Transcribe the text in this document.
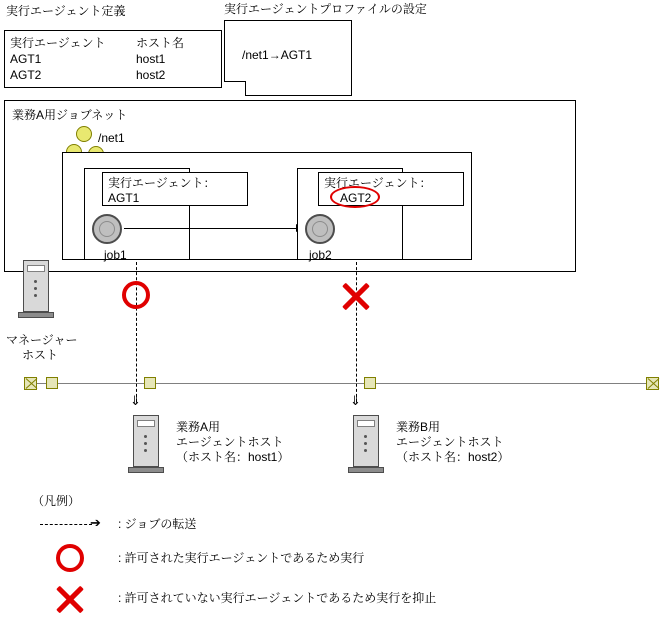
実行エージェント定義	実行エージェントプロファイルの設定
実行エージェント	ホスト名
AGT1	host1
AGT2	host2
/net1→AGT1
業務A用ジョブネット
/net1
実行エージェント：
AGT1
job1
実行エージェント：
AGT2
job2
マネージャー
ホスト
⇓	⇓
業務A用
エージェントホスト
（ホスト名：host1）
業務B用
エージェントホスト
（ホスト名：host2）
（凡例）
➔ : ジョブの転送
: 許可された実行エージェントであるため実行
: 許可されていない実行エージェントであるため実行を抑止
